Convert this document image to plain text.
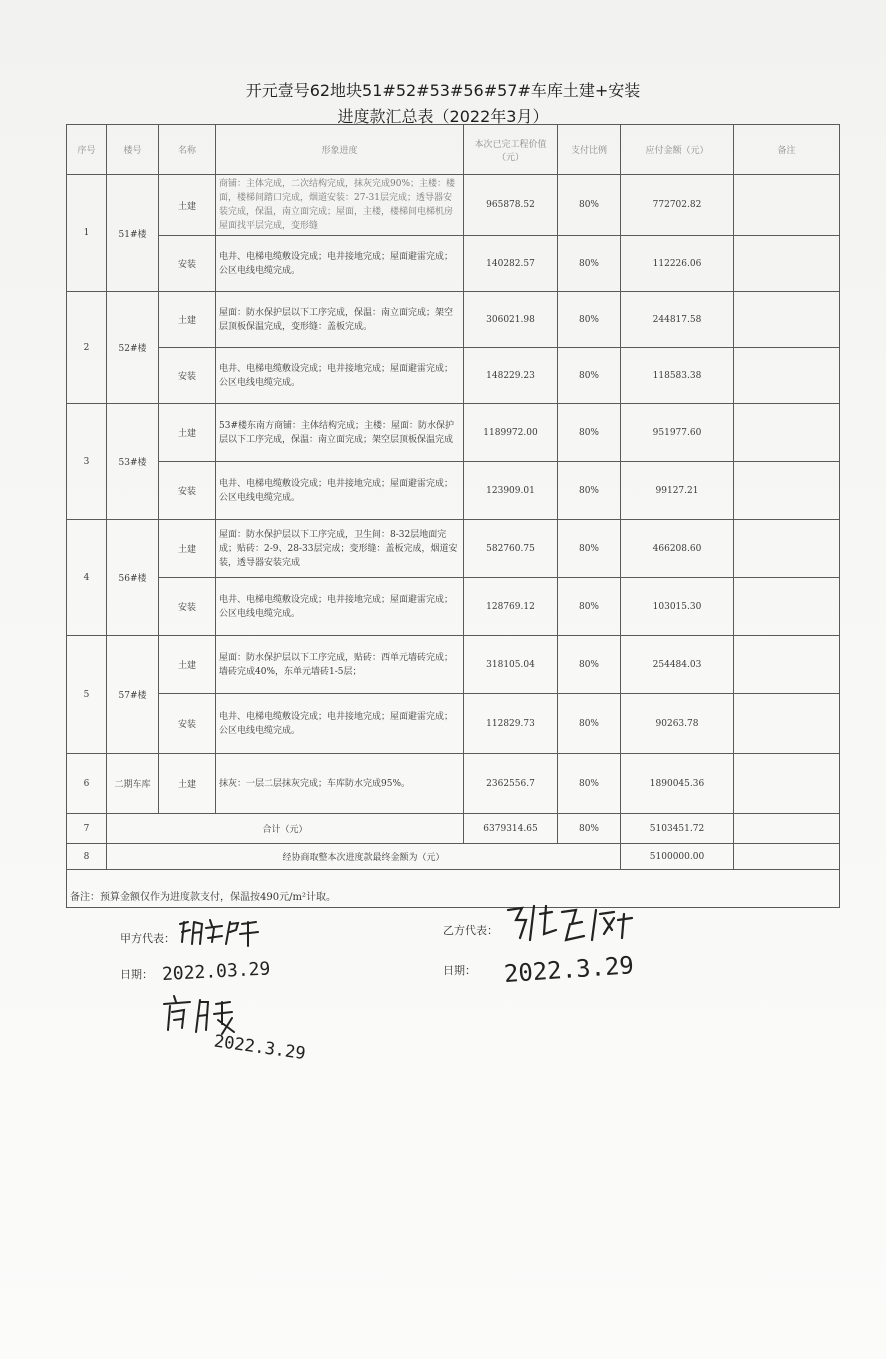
开元壹号62地块51#52#53#56#57#车库土建+安装
进度款汇总表（2022年3月）
序号	楼号	名称	形象进度	本次已完工程价值（元）	支付比例	应付金额（元）	备注
1	51#楼	土建	商铺：主体完成，二次结构完成，抹灰完成90%；主楼：楼面，楼梯间踏口完成，烟道安装：27-31层完成；透导器安装完成，保温，南立面完成；屋面，主楼，楼梯间电梯机房屋面找平层完成，变形缝	965878.52	80%	772702.82	
		安装	电井、电梯电缆敷设完成；电井接地完成；屋面避雷完成；公区电线电缆完成。	140282.57	80%	112226.06	
2	52#楼	土建	屋面：防水保护层以下工序完成，保温：南立面完成；架空层顶板保温完成，变形缝：盖板完成。	306021.98	80%	244817.58	
		安装	电井、电梯电缆敷设完成；电井接地完成；屋面避雷完成；公区电线电缆完成。	148229.23	80%	118583.38	
3	53#楼	土建	53#楼东南方商铺：主体结构完成；主楼：屋面：防水保护层以下工序完成，保温：南立面完成；架空层顶板保温完成	1189972.00	80%	951977.60	
		安装	电井、电梯电缆敷设完成；电井接地完成；屋面避雷完成；公区电线电缆完成。	123909.01	80%	99127.21	
4	56#楼	土建	屋面：防水保护层以下工序完成，卫生间：8-32层地面完成；贴砖：2-9、28-33层完成；变形缝：盖板完成，烟道安装，透导器安装完成	582760.75	80%	466208.60	
		安装	电井、电梯电缆敷设完成；电井接地完成；屋面避雷完成；公区电线电缆完成。	128769.12	80%	103015.30	
5	57#楼	土建	屋面：防水保护层以下工序完成，贴砖：西单元墙砖完成；墙砖完成40%，东单元墙砖1-5层；	318105.04	80%	254484.03	
		安装	电井、电梯电缆敷设完成；电井接地完成；屋面避雷完成；公区电线电缆完成。	112829.73	80%	90263.78	
6	二期车库	土建	抹灰：一层二层抹灰完成；车库防水完成95%。	2362556.7	80%	1890045.36	
7	合计（元）			6379314.65	80%	5103451.72	
8	经协商取整本次进度款最终金额为（元）					5100000.00	

备注：预算金额仅作为进度款支付，保温按490元/m²计取。
甲方代表：
日期：
乙方代表：
日期：
2022.03.29	2022.3.29
2022.3.29
